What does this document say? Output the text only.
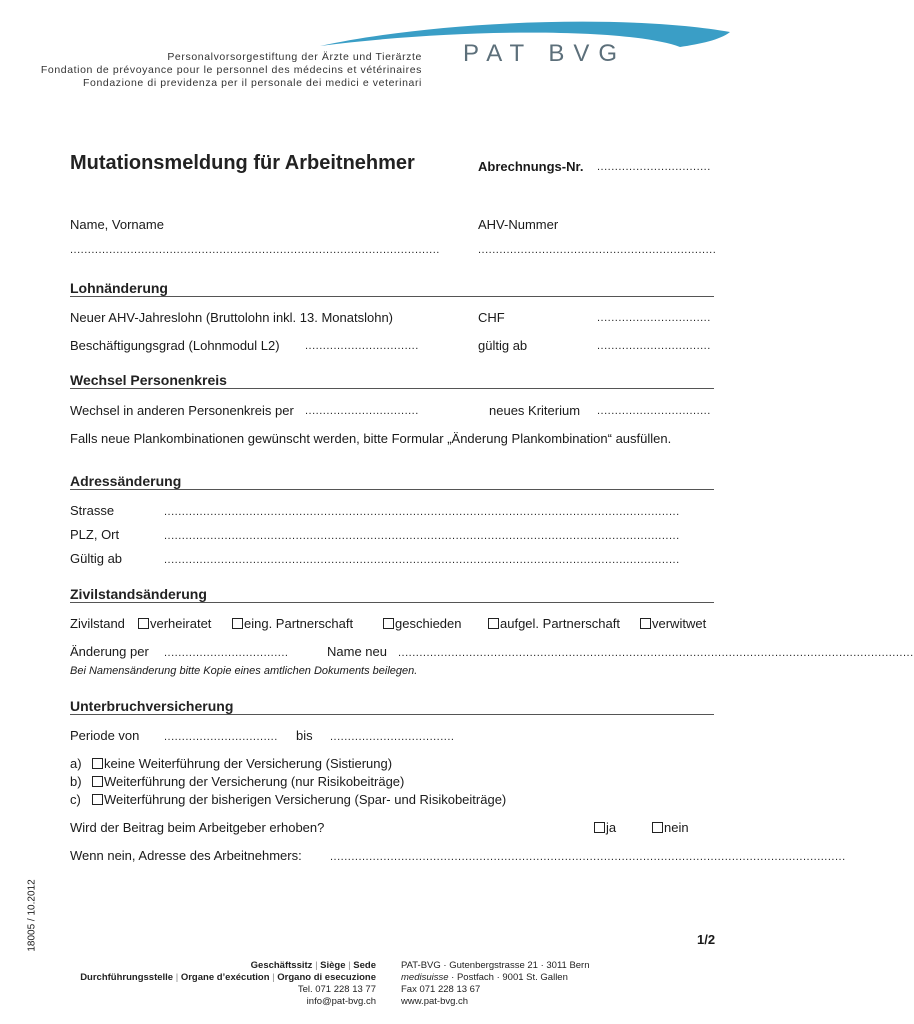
PAT BVG
Personalvorsorgestiftung der Ärzte und Tierärzte
Fondation de prévoyance pour le personnel des médecins et vétérinaires
Fondazione di previdenza per il personale dei medici e veterinari
Mutationsmeldung für Arbeitnehmer	Abrechnungs-Nr. ................................
Name, Vorname	AHV-Nummer
........................................................................................................	...................................................................
Lohnänderung
Neuer AHV-Jahreslohn (Bruttolohn inkl. 13. Monatslohn)	CHF	................................
Beschäftigungsgrad (Lohnmodul L2) ................................	gültig ab	................................
Wechsel Personenkreis
Wechsel in anderen Personenkreis per ................................	neues Kriterium ................................
Falls neue Plankombinationen gewünscht werden, bitte Formular „Änderung Plankombination“ ausfüllen.
Adressänderung
Strasse	.................................................................................................................................................
PLZ, Ort	.................................................................................................................................................
Gültig ab	.................................................................................................................................................
Zivilstandsänderung
Zivilstand	verheiratet	eing. Partnerschaft	geschieden	aufgel. Partnerschaft	verwitwet
Änderung per ...................................	Name neu .................................................................................................................................................
Bei Namensänderung bitte Kopie eines amtlichen Dokuments beilegen.
Unterbruchversicherung
Periode von ................................ bis ...................................
a) keine Weiterführung der Versicherung (Sistierung)
b) Weiterführung der Versicherung (nur Risikobeiträge)
c) Weiterführung der bisherigen Versicherung (Spar- und Risikobeiträge)
Wird der Beitrag beim Arbeitgeber erhoben?	ja	nein
Wenn nein, Adresse des Arbeitnehmers:	.................................................................................................................................................
18005 / 10.2012	1/2
Geschäftssitz | Siège | Sede
Durchführungsstelle | Organe d’exécution | Organo di esecuzione
Tel. 071 228 13 77
info@pat-bvg.ch
PAT-BVG · Gutenbergstrasse 21 · 3011 Bern
medisuisse · Postfach · 9001 St. Gallen
Fax 071 228 13 67
www.pat-bvg.ch
